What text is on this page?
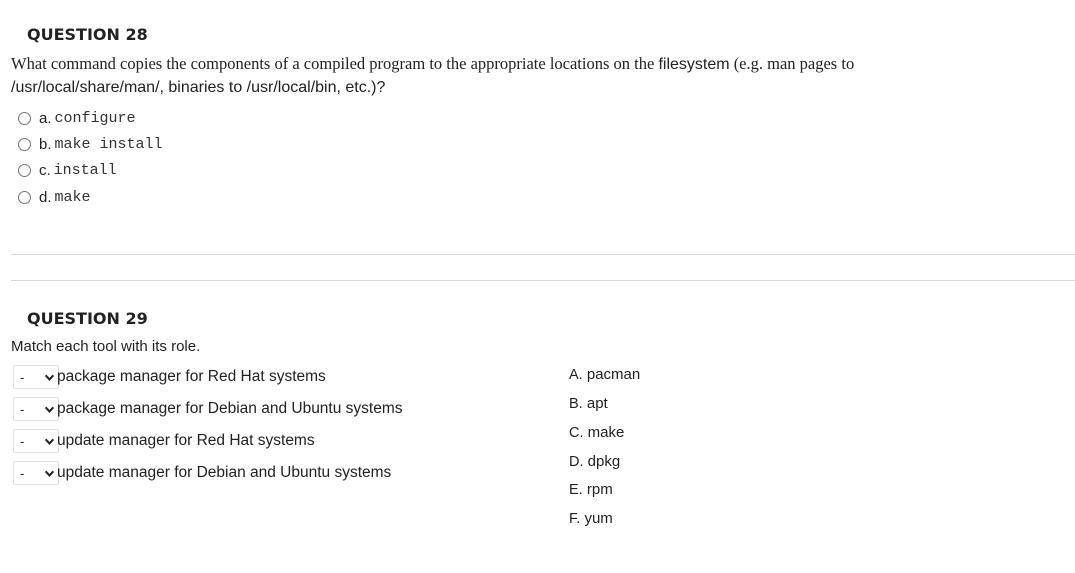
QUESTION 28
What command copies the components of a compiled program to the appropriate locations on the filesystem (e.g. man pages to
/usr/local/share/man/, binaries to /usr/local/bin, etc.)?
a. configure
b. make install
c. install
d. make
QUESTION 29
Match each tool with its role.
- package manager for Red Hat systems
- package manager for Debian and Ubuntu systems
- update manager for Red Hat systems
- update manager for Debian and Ubuntu systems
A. pacman
B. apt
C. make
D. dpkg
E. rpm
F. yum
